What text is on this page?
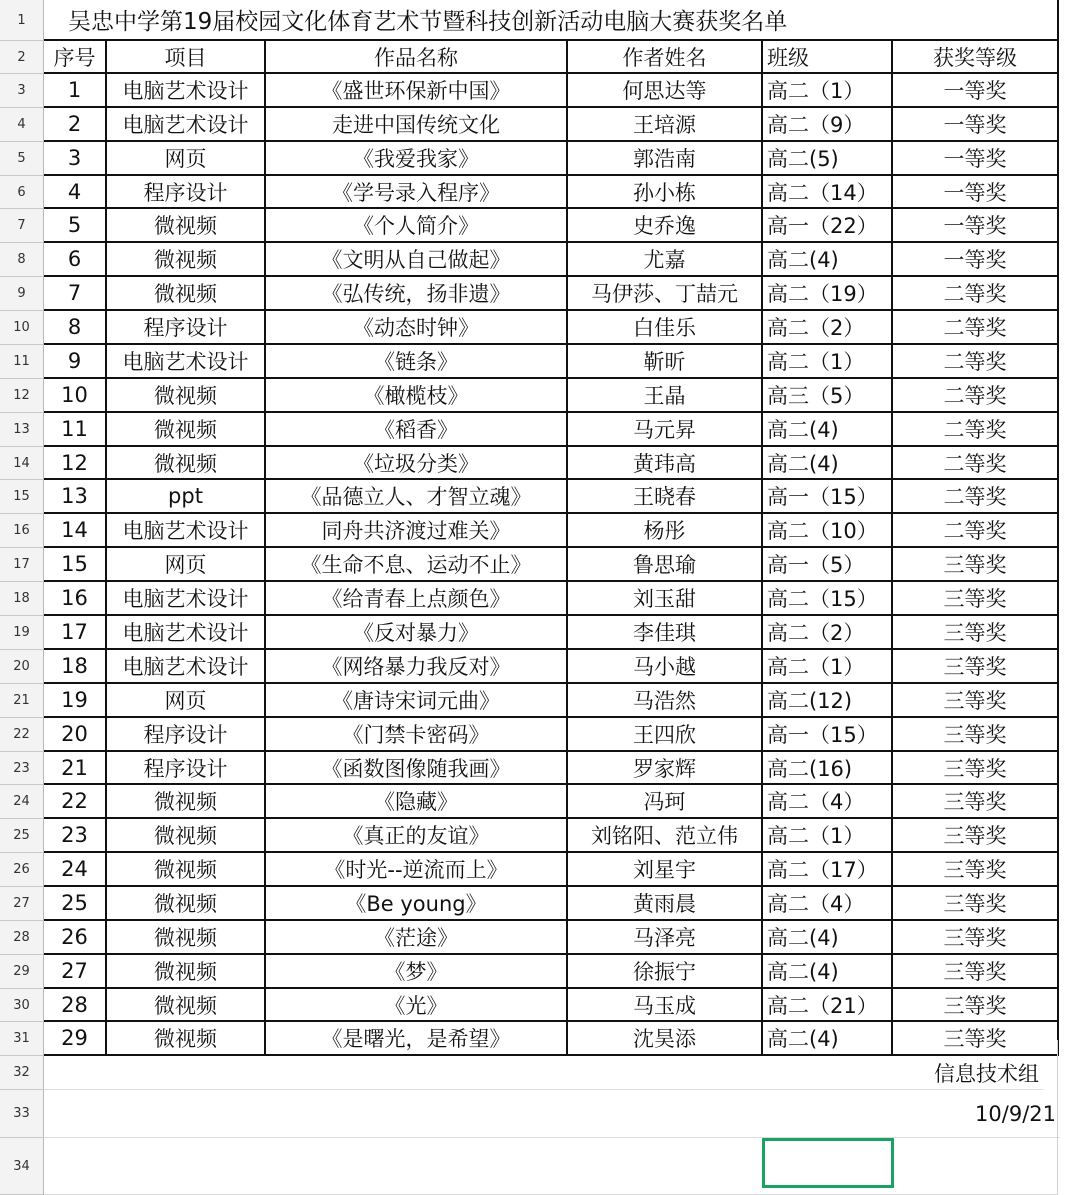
1	吴忠中学第19届校园文化体育艺术节暨科技创新活动电脑大赛获奖名单
2	序号	项目	作品名称	作者姓名	班级	获奖等级
3	1	电脑艺术设计	《盛世环保新中国》	何思达等	高二（1）	一等奖
4	2	电脑艺术设计	走进中国传统文化	王培源	高二（9）	一等奖
5	3	网页	《我爱我家》	郭浩南	高二(5)	一等奖
6	4	程序设计	《学号录入程序》	孙小栋	高二（14）	一等奖
7	5	微视频	《个人简介》	史乔逸	高一（22）	一等奖
8	6	微视频	《文明从自己做起》	尤嘉	高二(4)	一等奖
9	7	微视频	《弘传统，扬非遗》	马伊莎、丁喆元	高二（19）	二等奖
10	8	程序设计	《动态时钟》	白佳乐	高二（2）	二等奖
11	9	电脑艺术设计	《链条》	靳昕	高二（1）	二等奖
12	10	微视频	《橄榄枝》	王晶	高三（5）	二等奖
13	11	微视频	《稻香》	马元昇	高二(4)	二等奖
14	12	微视频	《垃圾分类》	黄玮高	高二(4)	二等奖
15	13	ppt	《品德立人、才智立魂》	王晓春	高一（15）	二等奖
16	14	电脑艺术设计	同舟共济渡过难关》	杨彤	高二（10）	二等奖
17	15	网页	《生命不息、运动不止》	鲁思瑜	高一（5）	三等奖
18	16	电脑艺术设计	《给青春上点颜色》	刘玉甜	高二（15）	三等奖
19	17	电脑艺术设计	《反对暴力》	李佳琪	高二（2）	三等奖
20	18	电脑艺术设计	《网络暴力我反对》	马小越	高二（1）	三等奖
21	19	网页	《唐诗宋词元曲》	马浩然	高二(12)	三等奖
22	20	程序设计	《门禁卡密码》	王四欣	高一（15）	三等奖
23	21	程序设计	《函数图像随我画》	罗家辉	高二(16)	三等奖
24	22	微视频	《隐藏》	冯珂	高二（4）	三等奖
25	23	微视频	《真正的友谊》	刘铭阳、范立伟	高二（1）	三等奖
26	24	微视频	《时光--逆流而上》	刘星宇	高二（17）	三等奖
27	25	微视频	《Be young》	黄雨晨	高二（4）	三等奖
28	26	微视频	《茫途》	马泽亮	高二(4)	三等奖
29	27	微视频	《梦》	徐振宁	高二(4)	三等奖
30	28	微视频	《光》	马玉成	高二（21）	三等奖
31	29	微视频	《是曙光，是希望》	沈昊添	高二(4)	三等奖
32	信息技术组
33	10/9/21
34
